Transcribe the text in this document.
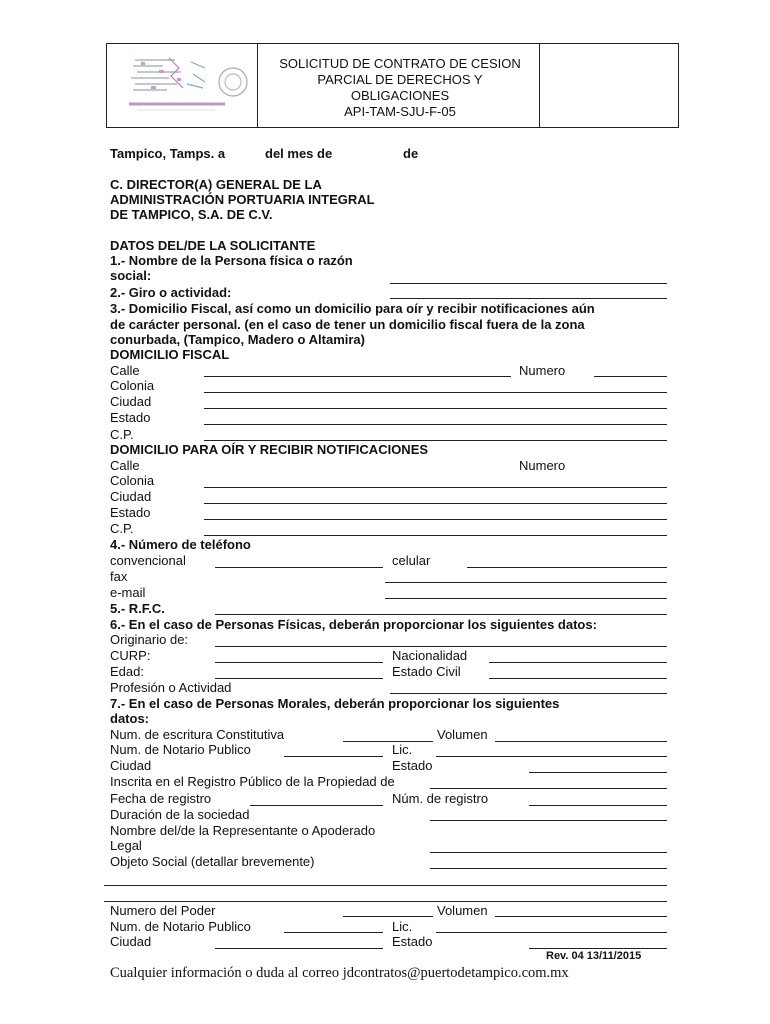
SOLICITUD DE CONTRATO DE CESION
PARCIAL DE DERECHOS Y
OBLIGACIONES
API-TAM-SJU-F-05
Tampico, Tamps. a	del mes de	de
C. DIRECTOR(A) GENERAL DE LA
ADMINISTRACIÓN PORTUARIA INTEGRAL
DE TAMPICO, S.A. DE C.V.
DATOS DEL/DE LA SOLICITANTE
1.- Nombre de la Persona física o razón
social:
2.- Giro o actividad:
3.- Domicilio Fiscal, así como un domicilio para oír y recibir notificaciones aún
de carácter personal. (en el caso de tener un domicilio fiscal fuera de la zona
conurbada, (Tampico, Madero o Altamira)
DOMICILIO FISCAL
Calle	Numero
Colonia
Ciudad
Estado
C.P.
DOMICILIO PARA OÍR Y RECIBIR NOTIFICACIONES
Calle	Numero
Colonia
Ciudad
Estado
C.P.
4.- Número de teléfono
convencional	celular
fax
e-mail
5.- R.F.C.
6.- En el caso de Personas Físicas, deberán proporcionar los siguientes datos:
Originario de:
CURP:	Nacionalidad
Edad:	Estado Civil
Profesión o Actividad
7.- En el caso de Personas Morales, deberán proporcionar los siguientes
datos:
Num. de escritura Constitutiva	Volumen
Num. de Notario Publico	Lic.
Ciudad	Estado
Inscrita en el Registro Público de la Propiedad de
Fecha de registro	Núm. de registro
Duración de la sociedad
Nombre del/de la Representante o Apoderado
Legal
Objeto Social (detallar brevemente)
Numero del Poder	Volumen
Num. de Notario Publico	Lic.
Ciudad	Estado
Rev. 04 13/11/2015
Cualquier información o duda al correo jdcontratos@puertodetampico.com.mx
